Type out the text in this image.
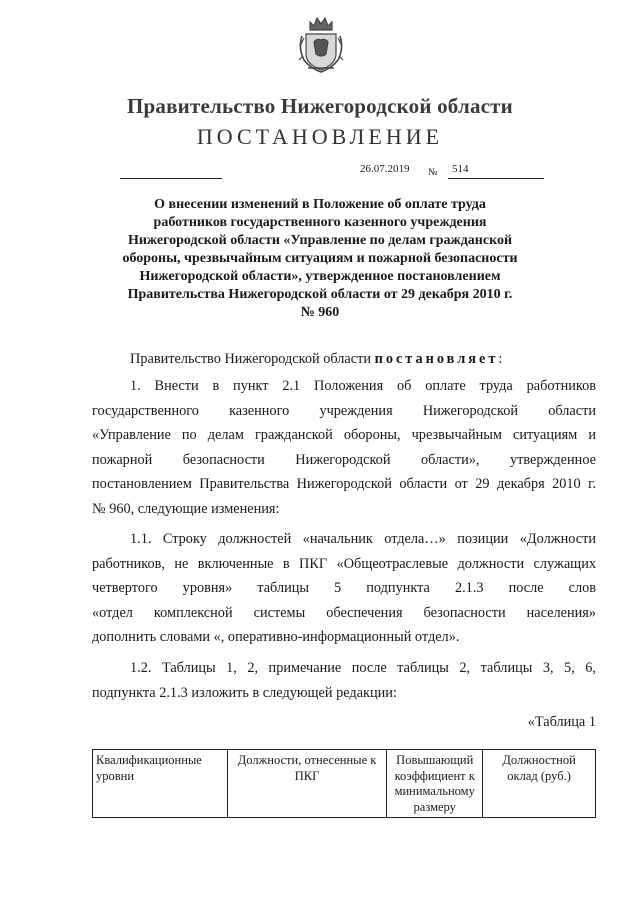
Правительство Нижегородской области
ПОСТАНОВЛЕНИЕ
26.07.2019 № 514
О внесении изменений в Положение об оплате труда
работников государственного казенного учреждения
Нижегородской области «Управление по делам гражданской
обороны, чрезвычайным ситуациям и пожарной безопасности
Нижегородской области», утвержденное постановлением
Правительства Нижегородской области от 29 декабря 2010 г.
№ 960
Правительство Нижегородской области постановляет:
1. Внести в пункт 2.1 Положения об оплате труда работников
государственного казенного учреждения Нижегородской области
«Управление по делам гражданской обороны, чрезвычайным ситуациям и
пожарной безопасности Нижегородской области», утвержденное
постановлением Правительства Нижегородской области от 29 декабря 2010 г.
№ 960, следующие изменения:
1.1. Строку должностей «начальник отдела…» позиции «Должности
работников, не включенные в ПКГ «Общеотраслевые должности служащих
четвертого уровня» таблицы 5 подпункта 2.1.3 после слов
«отдел комплексной системы обеспечения безопасности населения»
дополнить словами «, оперативно-информационный отдел».
1.2. Таблицы 1, 2, примечание после таблицы 2, таблицы 3, 5, 6,
подпункта 2.1.3 изложить в следующей редакции:
«Таблица 1
Квалификационные уровни	Должности, отнесенные к ПКГ	Повышающий коэффициент к минимальному размеру	Должностной оклад (руб.)
